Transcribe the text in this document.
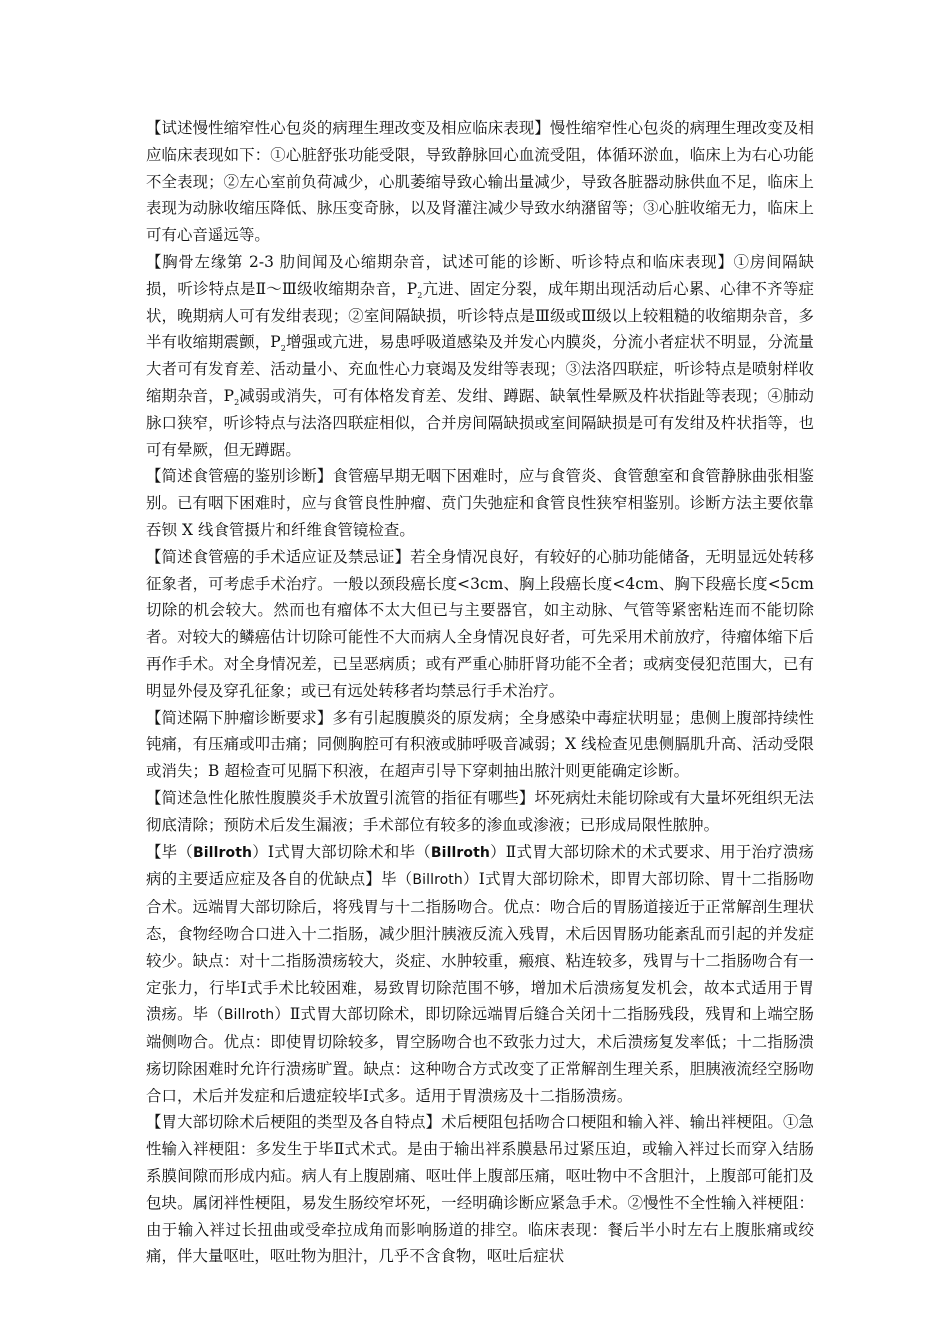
【试述慢性缩窄性心包炎的病理生理改变及相应临床表现】慢性缩窄性心包炎的病理生理改变及相应临床表现如下：①心脏舒张功能受限，导致静脉回心血流受阻，体循环淤血，临床上为右心功能不全表现；②左心室前负荷减少，心肌萎缩导致心输出量减少，导致各脏器动脉供血不足，临床上表现为动脉收缩压降低、脉压变奇脉，以及肾灌注减少导致水纳潴留等；③心脏收缩无力，临床上可有心音遥远等。

【胸骨左缘第 2-3 肋间闻及心缩期杂音，试述可能的诊断、听诊特点和临床表现】①房间隔缺损，听诊特点是Ⅱ～Ⅲ级收缩期杂音，$P_2$亢进、固定分裂，成年期出现活动后心累、心律不齐等症状，晚期病人可有发绀表现；②室间隔缺损，听诊特点是Ⅲ级或Ⅲ级以上较粗糙的收缩期杂音，多半有收缩期震颤，$P_2$增强或亢进，易患呼吸道感染及并发心内膜炎，分流小者症状不明显，分流量大者可有发育差、活动量小、充血性心力衰竭及发绀等表现；③法洛四联症，听诊特点是喷射样收缩期杂音，$P_2$减弱或消失，可有体格发育差、发绀、蹲踞、缺氧性晕厥及杵状指趾等表现；④肺动脉口狭窄，听诊特点与法洛四联症相似，合并房间隔缺损或室间隔缺损是可有发绀及杵状指等，也可有晕厥，但无蹲踞。

【简述食管癌的鉴别诊断】食管癌早期无咽下困难时，应与食管炎、食管憩室和食管静脉曲张相鉴别。已有咽下困难时，应与食管良性肿瘤、贲门失弛症和食管良性狭窄相鉴别。诊断方法主要依靠吞钡 X 线食管摄片和纤维食管镜检查。

【简述食管癌的手术适应证及禁忌证】若全身情况良好，有较好的心肺功能储备，无明显远处转移征象者，可考虑手术治疗。一般以颈段癌长度<3cm、胸上段癌长度<4cm、胸下段癌长度<5cm 切除的机会较大。然而也有瘤体不太大但已与主要器官，如主动脉、气管等紧密粘连而不能切除者。对较大的鳞癌估计切除可能性不大而病人全身情况良好者，可先采用术前放疗，待瘤体缩下后再作手术。对全身情况差，已呈恶病质；或有严重心肺肝肾功能不全者；或病变侵犯范围大，已有明显外侵及穿孔征象；或已有远处转移者均禁忌行手术治疗。

【简述隔下肿瘤诊断要求】多有引起腹膜炎的原发病；全身感染中毒症状明显；患侧上腹部持续性钝痛，有压痛或叩击痛；同侧胸腔可有积液或肺呼吸音减弱；X 线检查见患侧膈肌升高、活动受限或消失；B 超检查可见膈下积液，在超声引导下穿刺抽出脓汁则更能确定诊断。

【简述急性化脓性腹膜炎手术放置引流管的指征有哪些】坏死病灶未能切除或有大量坏死组织无法彻底清除；预防术后发生漏液；手术部位有较多的渗血或渗液；已形成局限性脓肿。

【毕（Billroth）Ⅰ式胃大部切除术和毕（Billroth）Ⅱ式胃大部切除术的术式要求、用于治疗溃疡病的主要适应症及各自的优缺点】毕（Billroth）Ⅰ式胃大部切除术，即胃大部切除、胃十二指肠吻合术。远端胃大部切除后，将残胃与十二指肠吻合。优点：吻合后的胃肠道接近于正常解剖生理状态，食物经吻合口进入十二指肠，减少胆汁胰液反流入残胃，术后因胃肠功能紊乱而引起的并发症较少。缺点：对十二指肠溃疡较大，炎症、水肿较重，瘢痕、粘连较多，残胃与十二指肠吻合有一定张力，行毕Ⅰ式手术比较困难，易致胃切除范围不够，增加术后溃疡复发机会，故本式适用于胃溃疡。毕（Billroth）Ⅱ式胃大部切除术，即切除远端胃后缝合关闭十二指肠残段，残胃和上端空肠端侧吻合。优点：即使胃切除较多，胃空肠吻合也不致张力过大，术后溃疡复发率低；十二指肠溃疡切除困难时允许行溃疡旷置。缺点：这种吻合方式改变了正常解剖生理关系，胆胰液流经空肠吻合口，术后并发症和后遗症较毕Ⅰ式多。适用于胃溃疡及十二指肠溃疡。

【胃大部切除术后梗阻的类型及各自特点】术后梗阻包括吻合口梗阻和输入袢、输出袢梗阻。①急性输入袢梗阻：多发生于毕Ⅱ式术式。是由于输出袢系膜悬吊过紧压迫，或输入袢过长而穿入结肠系膜间隙而形成内疝。病人有上腹剧痛、呕吐伴上腹部压痛，呕吐物中不含胆汁，上腹部可能扪及包块。属闭袢性梗阻，易发生肠绞窄坏死，一经明确诊断应紧急手术。②慢性不全性输入袢梗阻：由于输入袢过长扭曲或受牵拉成角而影响肠道的排空。临床表现：餐后半小时左右上腹胀痛或绞痛，伴大量呕吐，呕吐物为胆汁，几乎不含食物，呕吐后症状
